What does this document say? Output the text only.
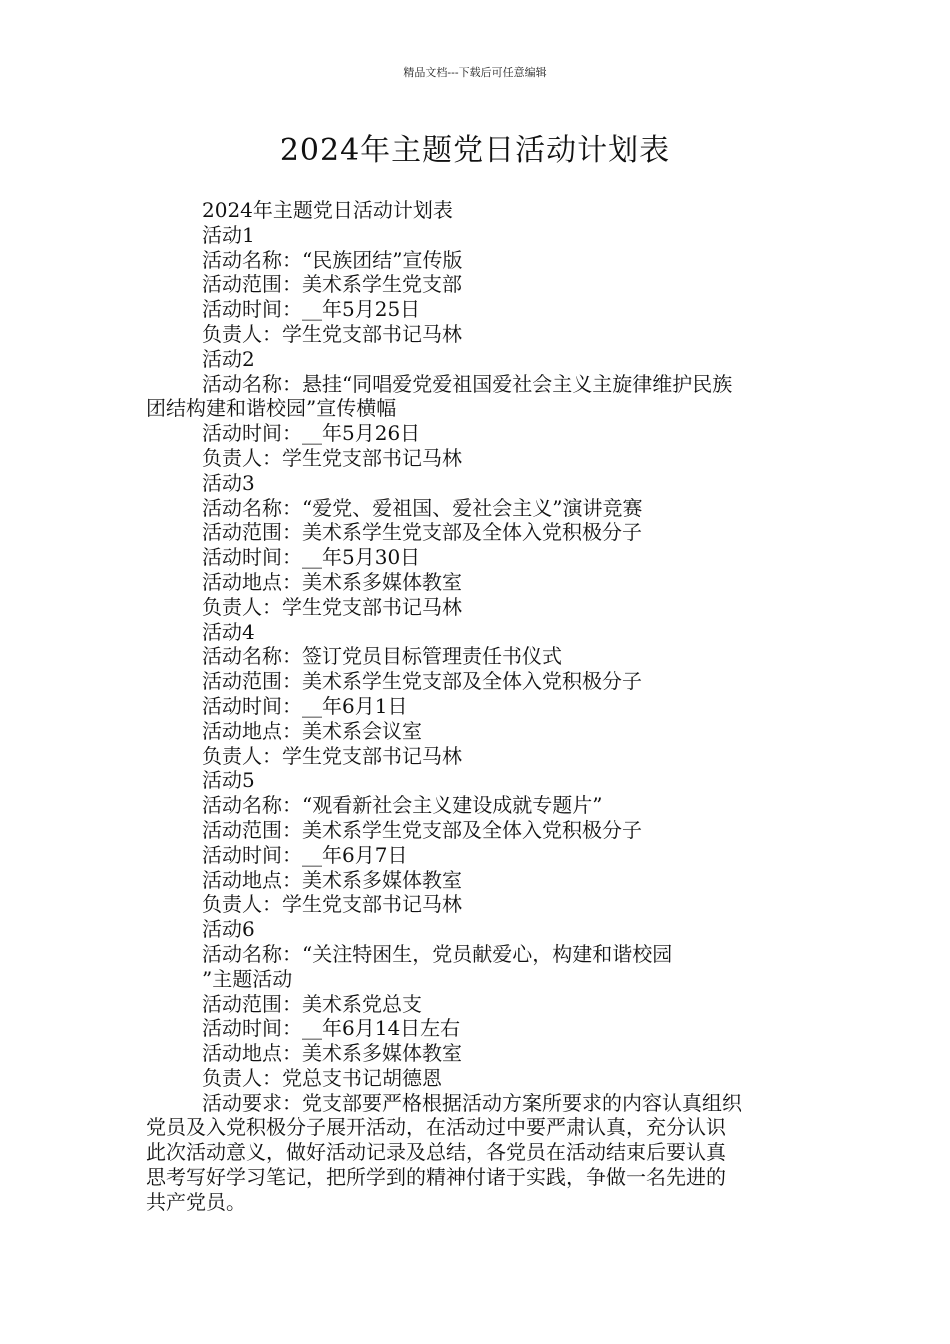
精品文档---下载后可任意编辑
2024年主题党日活动计划表

2024年主题党日活动计划表

活动1

活动名称：“民族团结”宣传版

活动范围：美术系学生党支部

活动时间：__年5月25日

负责人：学生党支部书记马林

活动2

活动名称：悬挂“同唱爱党爱祖国爱社会主义主旋律维护民族

团结构建和谐校园”宣传横幅

活动时间：__年5月26日

负责人：学生党支部书记马林

活动3

活动名称：“爱党、爱祖国、爱社会主义”演讲竞赛

活动范围：美术系学生党支部及全体入党积极分子

活动时间：__年5月30日

活动地点：美术系多媒体教室

负责人：学生党支部书记马林

活动4

活动名称：签订党员目标管理责任书仪式

活动范围：美术系学生党支部及全体入党积极分子

活动时间：__年6月1日

活动地点：美术系会议室

负责人：学生党支部书记马林

活动5

活动名称：“观看新社会主义建设成就专题片”

活动范围：美术系学生党支部及全体入党积极分子

活动时间：__年6月7日

活动地点：美术系多媒体教室

负责人：学生党支部书记马林

活动6

活动名称：“关注特困生，党员献爱心，构建和谐校园

”主题活动

活动范围：美术系党总支

活动时间：__年6月14日左右

活动地点：美术系多媒体教室

负责人：党总支书记胡德恩

活动要求：党支部要严格根据活动方案所要求的内容认真组织

党员及入党积极分子展开活动，在活动过中要严肃认真，充分认识

此次活动意义，做好活动记录及总结，各党员在活动结束后要认真

思考写好学习笔记，把所学到的精神付诸于实践，争做一名先进的

共产党员。
